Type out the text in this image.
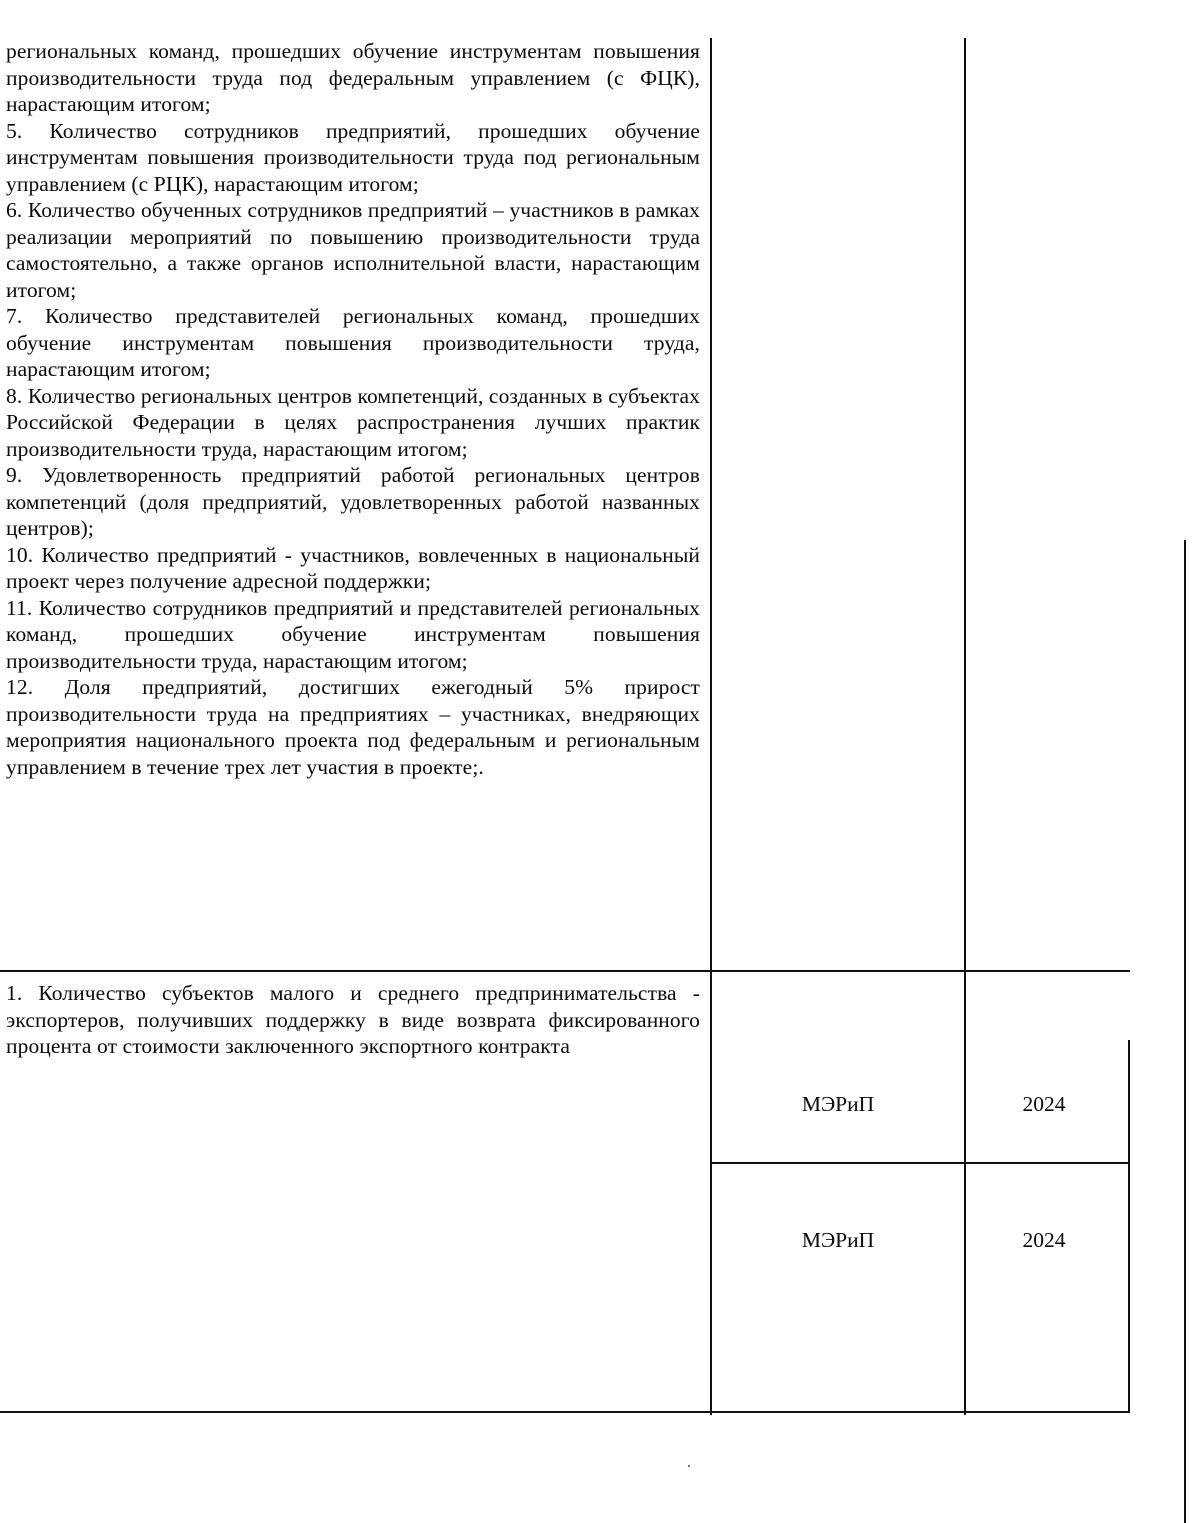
региональных команд, прошедших обучение инструментам повышения производительности труда под федеральным управлением (с ФЦК), нарастающим итогом;

5. Количество сотрудников предприятий, прошедших обучение инструментам повышения производительности труда под региональным управлением (с РЦК), нарастающим итогом;

6. Количество обученных сотрудников предприятий – участников в рамках реализации мероприятий по повышению производительности труда самостоятельно, а также органов исполнительной власти, нарастающим итогом;

7. Количество представителей региональных команд, прошедших обучение инструментам повышения производительности труда, нарастающим итогом;

8. Количество региональных центров компетенций, созданных в субъектах Российской Федерации в целях распространения лучших практик производительности труда, нарастающим итогом;

9. Удовлетворенность предприятий работой региональных центров компетенций (доля предприятий, удовлетворенных работой названных центров);

10. Количество предприятий - участников, вовлеченных в национальный проект через получение адресной поддержки;

11. Количество сотрудников предприятий и представителей региональных команд, прошедших обучение инструментам повышения производительности труда, нарастающим итогом;

12. Доля предприятий, достигших ежегодный 5% прирост производительности труда на предприятиях – участниках, внедряющих мероприятия национального проекта под федеральным и региональным управлением в течение трех лет участия в проекте;.

1. Количество субъектов малого и среднего предпринимательства - экспортеров, получивших поддержку в виде возврата фиксированного процента от стоимости заключенного экспортного контракта

МЭРиП	2024
МЭРиП	2024
